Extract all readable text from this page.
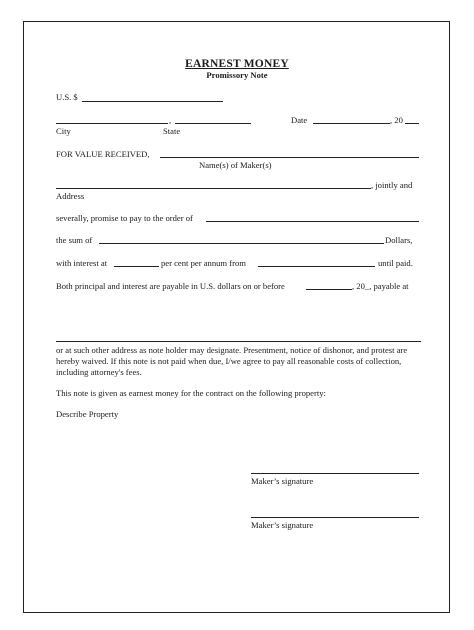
EARNEST MONEY
Promissory Note
U.S. $
,	Date	, 20
City	State
FOR VALUE RECEIVED,
Name(s) of Maker(s)
, jointly and
Address
severally, promise to pay to the order of
the sum of	Dollars,
with interest at	per cent per annum from	until paid.
Both principal and interest are payable in U.S. dollars on or before	, 20_, payable at
or at such other address as note holder may designate. Presentment, notice of dishonor, and protest are hereby waived. If this note is not paid when due, I/we agree to pay all reasonable costs of collection, including attorney's fees.
This note is given as earnest money for the contract on the following property:
Describe Property
Maker’s signature
Maker’s signature
